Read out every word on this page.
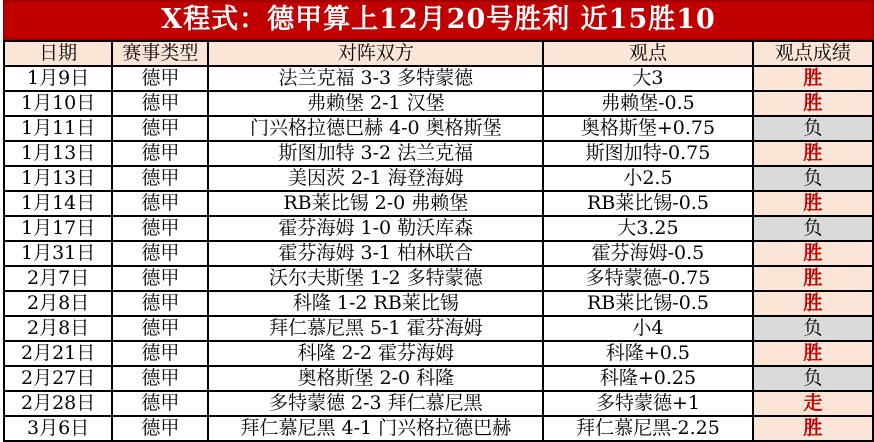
X程式：德甲算上12月20号胜利 近15胜10
日期	赛事类型	对阵双方	观点	观点成绩
1月9日	德甲	法兰克福 3-3 多特蒙德	大3	胜
1月10日	德甲	弗赖堡 2-1 汉堡	弗赖堡-0.5	胜
1月11日	德甲	门兴格拉德巴赫 4-0 奥格斯堡	奥格斯堡+0.75	负
1月13日	德甲	斯图加特 3-2 法兰克福	斯图加特-0.75	胜
1月13日	德甲	美因茨 2-1 海登海姆	小2.5	负
1月14日	德甲	RB莱比锡 2-0 弗赖堡	RB莱比锡-0.5	胜
1月17日	德甲	霍芬海姆 1-0 勒沃库森	大3.25	负
1月31日	德甲	霍芬海姆 3-1 柏林联合	霍芬海姆-0.5	胜
2月7日	德甲	沃尔夫斯堡 1-2 多特蒙德	多特蒙德-0.75	胜
2月8日	德甲	科隆 1-2 RB莱比锡	RB莱比锡-0.5	胜
2月8日	德甲	拜仁慕尼黑 5-1 霍芬海姆	小4	负
2月21日	德甲	科隆 2-2 霍芬海姆	科隆+0.5	胜
2月27日	德甲	奥格斯堡 2-0 科隆	科隆+0.25	负
2月28日	德甲	多特蒙德 2-3 拜仁慕尼黑	多特蒙德+1	走
3月6日	德甲	拜仁慕尼黑 4-1 门兴格拉德巴赫	拜仁慕尼黑-2.25	胜
